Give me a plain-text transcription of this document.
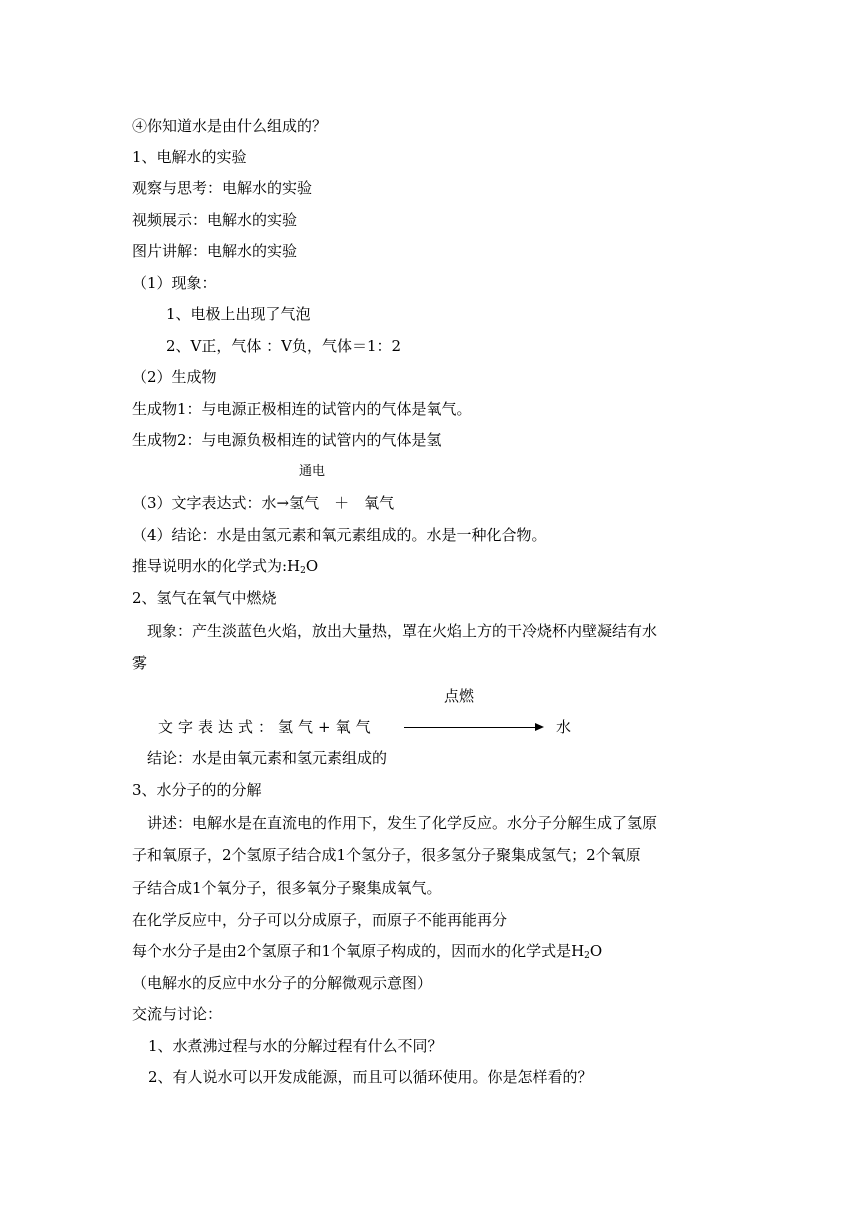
④你知道水是由什么组成的？
1、电解水的实验
观察与思考：电解水的实验
视频展示：电解水的实验
图片讲解：电解水的实验
（1）现象：
1、电极上出现了气泡
2、V正，气体 ：V负，气体＝1：2
（2）生成物
生成物1：与电源正极相连的试管内的气体是氧气。
生成物2：与电源负极相连的试管内的气体是氢
通电
（3）文字表达式：水→氢气　＋　氧气
（4）结论：水是由氢元素和氧元素组成的。水是一种化合物。
推导说明水的化学式为$:H_2O$
2、氢气在氧气中燃烧
　现象：产生淡蓝色火焰，放出大量热，罩在火焰上方的干冷烧杯内壁凝结有水
雾
点燃
文字表达式：氢气+氧气	水
　结论：水是由氧元素和氢元素组成的
3、水分子的的分解
　讲述：电解水是在直流电的作用下，发生了化学反应。水分子分解生成了氢原
子和氧原子，2个氢原子结合成1个氢分子，很多氢分子聚集成氢气；2个氧原
子结合成1个氧分子，很多氧分子聚集成氧气。
在化学反应中，分子可以分成原子，而原子不能再能再分
每个水分子是由2个氢原子和1个氧原子构成的，因而水的化学式是$H_2O$
（电解水的反应中水分子的分解微观示意图）
交流与讨论：
1、水煮沸过程与水的分解过程有什么不同？
2、有人说水可以开发成能源，而且可以循环使用。你是怎样看的？
